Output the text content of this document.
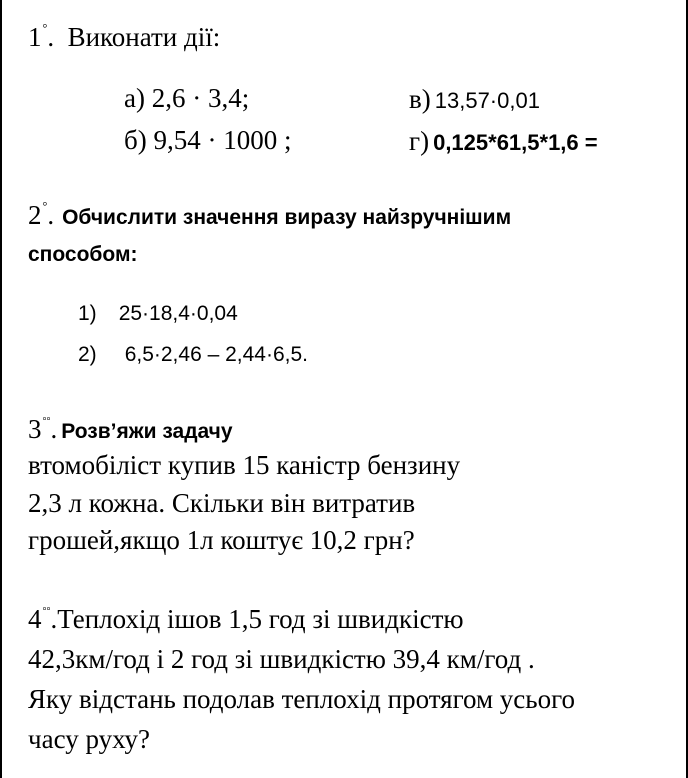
1°. Виконати дії:
а) 2,6 · 3,4;	в) 13,57·0,01
б) 9,54 · 1000 ;	г) 0,125*61,5*1,6 =
2°. Обчислити значення виразу найзручнішим
способом:
1) 25·18,4·0,04
2) 6,5·2,46 – 2,44·6,5.
3°°. Розв’яжи задачу
втомобіліст купив 15 каністр бензину
2,3 л кожна. Скільки він витратив
грошей,якщо 1л коштує 10,2 грн?
4°°.Теплохід ішов 1,5 год зі швидкістю
42,3км/год і 2 год зі швидкістю 39,4 км/год .
Яку відстань подолав теплохід протягом усього
часу руху?
